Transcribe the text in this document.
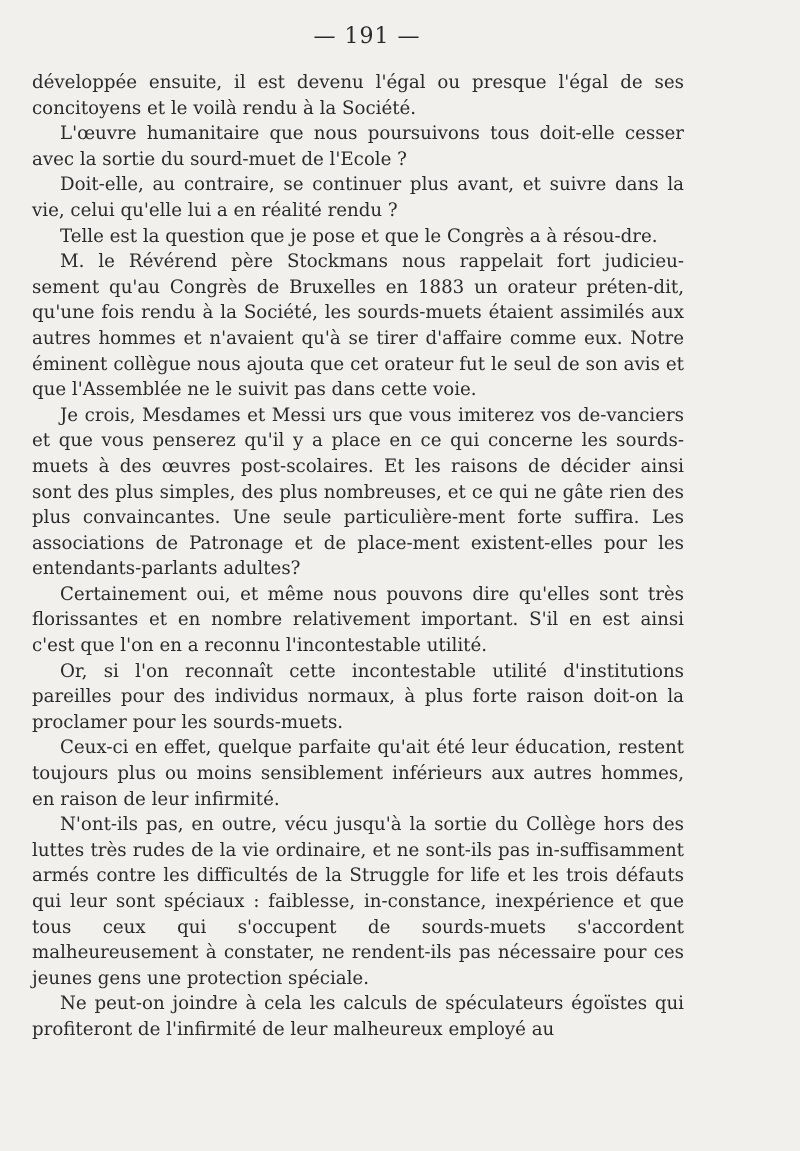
— 191 —

développée ensuite, il est devenu l'égal ou presque l'égal de ses concitoyens et le voilà rendu à la Société.

L'œuvre humanitaire que nous poursuivons tous doit-elle cesser avec la sortie du sourd-muet de l'Ecole ?

Doit-elle, au contraire, se continuer plus avant, et suivre dans la vie, celui qu'elle lui a en réalité rendu ?

Telle est la question que je pose et que le Congrès a à résou-dre.

M. le Révérend père Stockmans nous rappelait fort judicieu-sement qu'au Congrès de Bruxelles en 1883 un orateur préten-dit, qu'une fois rendu à la Société, les sourds-muets étaient assimilés aux autres hommes et n'avaient qu'à se tirer d'affaire comme eux. Notre éminent collègue nous ajouta que cet orateur fut le seul de son avis et que l'Assemblée ne le suivit pas dans cette voie.

Je crois, Mesdames et Messi urs que vous imiterez vos de-vanciers et que vous penserez qu'il y a place en ce qui concerne les sourds-muets à des œuvres post-scolaires. Et les raisons de décider ainsi sont des plus simples, des plus nombreuses, et ce qui ne gâte rien des plus convaincantes. Une seule particulière-ment forte suffira. Les associations de Patronage et de place-ment existent-elles pour les entendants-parlants adultes?

Certainement oui, et même nous pouvons dire qu'elles sont très florissantes et en nombre relativement important. S'il en est ainsi c'est que l'on en a reconnu l'incontestable utilité.

Or, si l'on reconnaît cette incontestable utilité d'institutions pareilles pour des individus normaux, à plus forte raison doit-on la proclamer pour les sourds-muets.

Ceux-ci en effet, quelque parfaite qu'ait été leur éducation, restent toujours plus ou moins sensiblement inférieurs aux autres hommes, en raison de leur infirmité.

N'ont-ils pas, en outre, vécu jusqu'à la sortie du Collège hors des luttes très rudes de la vie ordinaire, et ne sont-ils pas in-suffisamment armés contre les difficultés de la Struggle for life et les trois défauts qui leur sont spéciaux : faiblesse, in-constance, inexpérience et que tous ceux qui s'occupent de sourds-muets s'accordent malheureusement à constater, ne rendent-ils pas nécessaire pour ces jeunes gens une protection spéciale.

Ne peut-on joindre à cela les calculs de spéculateurs égoïstes qui profiteront de l'infirmité de leur malheureux employé au
